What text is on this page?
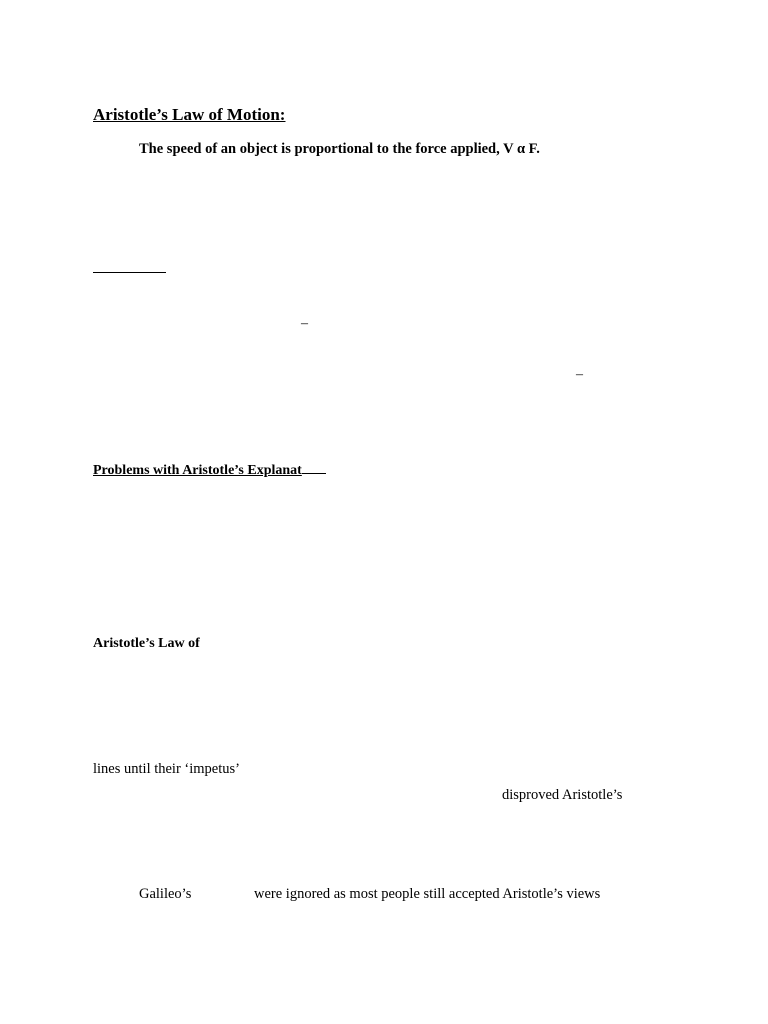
Aristotle’s Law of Motion:
The speed of an object is proportional to the force applied, V α F.
–
–
Problems with Aristotle’s Explanat
Aristotle’s Law of
lines until their ‘impetus’
disproved Aristotle’s
Galileo’s	were ignored as most people still accepted Aristotle’s views
